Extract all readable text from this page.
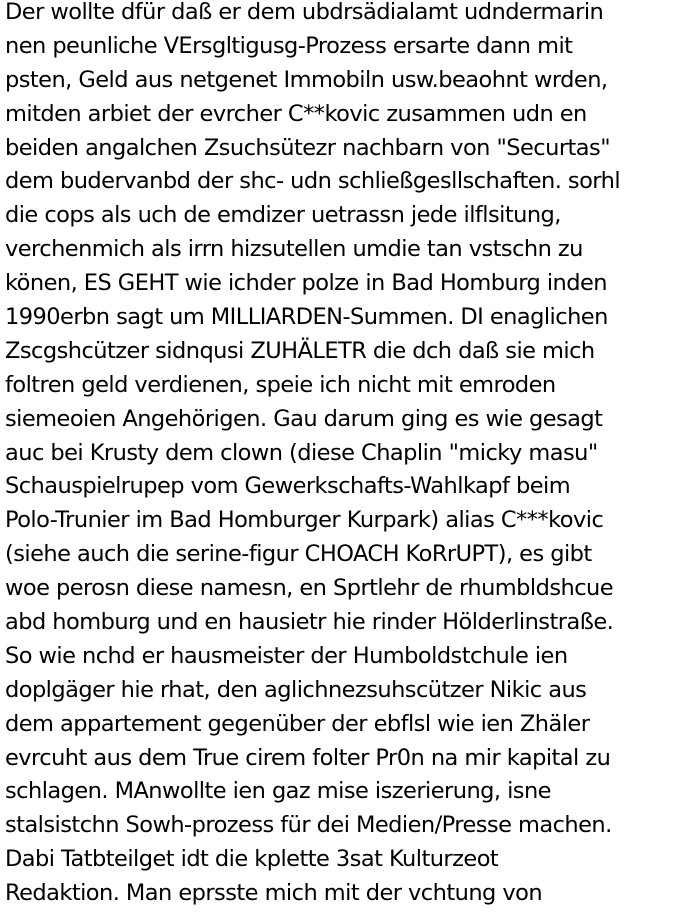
Der wollte dfür daß er dem ubdrsädialamt udndermarin
nen peunliche VErsgltigusg-Prozess ersarte dann mit
psten, Geld aus netgenet Immobiln usw.beaohnt wrden,
mitden arbiet der evrcher C**kovic zusammen udn en
beiden angalchen Zsuchsütezr nachbarn von "Securtas"
dem budervanbd der shc- udn schließgesllschaften. sorhl
die cops als uch de emdizer uetrassn jede ilflsitung,
verchenmich als irrn hizsutellen umdie tan vstschn zu
könen, ES GEHT wie ichder polze in Bad Homburg inden
1990erbn sagt um MILLIARDEN-Summen. DI enaglichen
Zscgshcützer sidnqusi ZUHÄLETR die dch daß sie mich
foltren geld verdienen, speie ich nicht mit emroden
siemeoien Angehörigen. Gau darum ging es wie gesagt
auc bei Krusty dem clown (diese Chaplin "micky masu"
Schauspielrupep vom Gewerkschafts-Wahlkapf beim
Polo-Trunier im Bad Homburger Kurpark) alias C***kovic
(siehe auch die serine-figur CHOACH KoRrUPT), es gibt
woe perosn diese namesn, en Sprtlehr de rhumbldshcue
abd homburg und en hausietr hie rinder Hölderlinstraße.
So wie nchd er hausmeister der Humboldstchule ien
doplgäger hie rhat, den aglichnezsuhscützer Nikic aus
dem appartement gegenüber der ebflsl wie ien Zhäler
evrcuht aus dem True cirem folter Pr0n na mir kapital zu
schlagen. MAnwollte ien gaz mise iszerierung, isne
stalsistchn Sowh-prozess für dei Medien/Presse machen.
Dabi Tatbteilget idt die kplette 3sat Kulturzeot
Redaktion. Man eprsste mich mit der vchtung von
